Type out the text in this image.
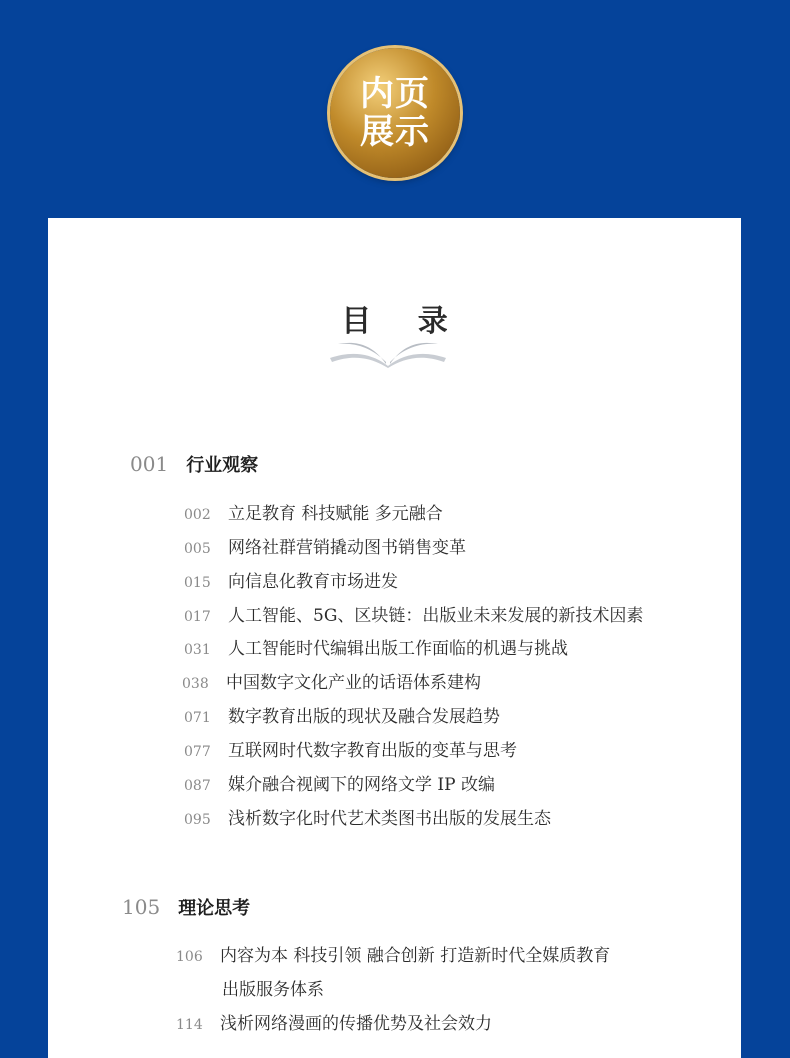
内页
展示
目 录
001 行业观察
002	立足教育 科技赋能 多元融合
005	网络社群营销撬动图书销售变革
015	向信息化教育市场进发
017	人工智能、5G、区块链：出版业未来发展的新技术因素
031	人工智能时代编辑出版工作面临的机遇与挑战
038	中国数字文化产业的话语体系建构
071	数字教育出版的现状及融合发展趋势
077	互联网时代数字教育出版的变革与思考
087	媒介融合视阈下的网络文学 IP 改编
095	浅析数字化时代艺术类图书出版的发展生态
105 理论思考
106	内容为本 科技引领 融合创新 打造新时代全媒质教育
出版服务体系
114	浅析网络漫画的传播优势及社会效力
